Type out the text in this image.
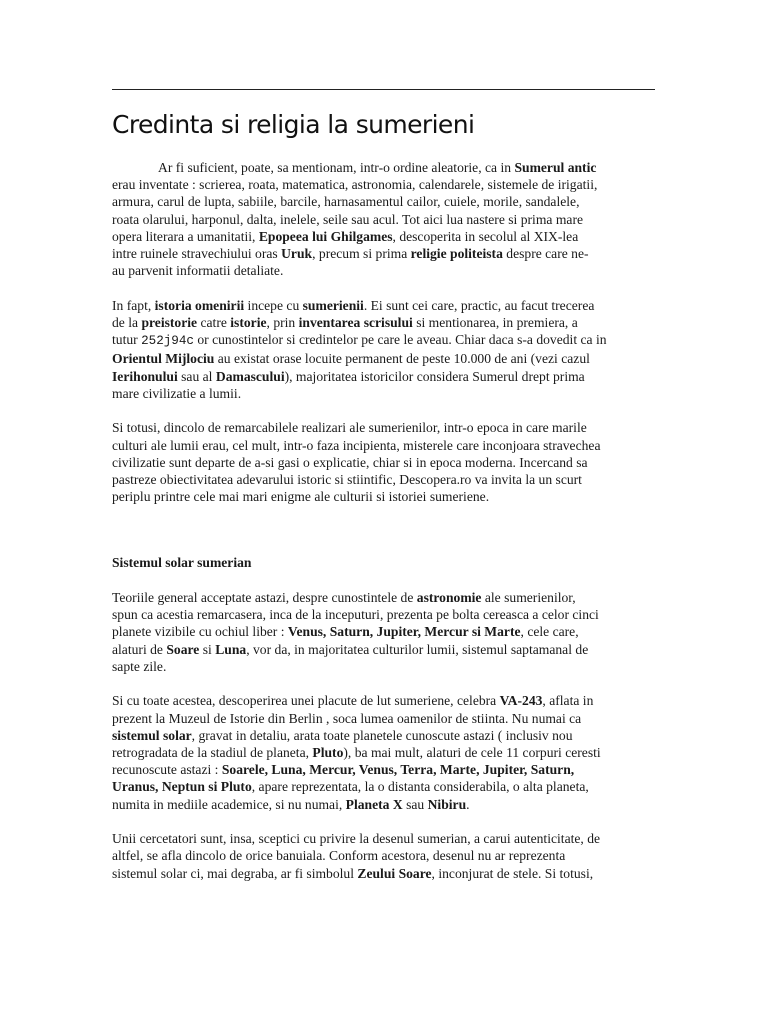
Credinta si religia la sumerieni

Ar fi suficient, poate, sa mentionam, intr-o ordine aleatorie, ca in Sumerul antic
erau inventate : scrierea, roata, matematica, astronomia, calendarele, sistemele de irigatii,
armura, carul de lupta, sabiile, barcile, harnasamentul cailor, cuiele, morile, sandalele,
roata olarului, harponul, dalta, inelele, seile sau acul. Tot aici lua nastere si prima mare
opera literara a umanitatii, Epopeea lui Ghilgames, descoperita in secolul al XIX-lea
intre ruinele stravechiului oras Uruk, precum si prima religie politeista despre care ne-
au parvenit informatii detaliate.

In fapt, istoria omenirii incepe cu sumerienii. Ei sunt cei care, practic, au facut trecerea
de la preistorie catre istorie, prin inventarea scrisului si mentionarea, in premiera, a
tutur 252j94c or cunostintelor si credintelor pe care le aveau. Chiar daca s-a dovedit ca in
Orientul Mijlociu au existat orase locuite permanent de peste 10.000 de ani (vezi cazul
Ierihonului sau al Damascului), majoritatea istoricilor considera Sumerul drept prima
mare civilizatie a lumii.

Si totusi, dincolo de remarcabilele realizari ale sumerienilor, intr-o epoca in care marile
culturi ale lumii erau, cel mult, intr-o faza incipienta, misterele care inconjoara stravechea
civilizatie sunt departe de a-si gasi o explicatie, chiar si in epoca moderna. Incercand sa
pastreze obiectivitatea adevarului istoric si stiintific, Descopera.ro va invita la un scurt
periplu printre cele mai mari enigme ale culturii si istoriei sumeriene.

Sistemul solar sumerian

Teoriile general acceptate astazi, despre cunostintele de astronomie ale sumerienilor,
spun ca acestia remarcasera, inca de la inceputuri, prezenta pe bolta cereasca a celor cinci
planete vizibile cu ochiul liber : Venus, Saturn, Jupiter, Mercur si Marte, cele care,
alaturi de Soare si Luna, vor da, in majoritatea culturilor lumii, sistemul saptamanal de
sapte zile.

Si cu toate acestea, descoperirea unei placute de lut sumeriene, celebra VA-243, aflata in
prezent la Muzeul de Istorie din Berlin , soca lumea oamenilor de stiinta. Nu numai ca
sistemul solar, gravat in detaliu, arata toate planetele cunoscute astazi ( inclusiv nou
retrogradata de la stadiul de planeta, Pluto), ba mai mult, alaturi de cele 11 corpuri ceresti
recunoscute astazi : Soarele, Luna, Mercur, Venus, Terra, Marte, Jupiter, Saturn,
Uranus, Neptun si Pluto, apare reprezentata, la o distanta considerabila, o alta planeta,
numita in mediile academice, si nu numai, Planeta X sau Nibiru.

Unii cercetatori sunt, insa, sceptici cu privire la desenul sumerian, a carui autenticitate, de
altfel, se afla dincolo de orice banuiala. Conform acestora, desenul nu ar reprezenta
sistemul solar ci, mai degraba, ar fi simbolul Zeului Soare, inconjurat de stele. Si totusi,
